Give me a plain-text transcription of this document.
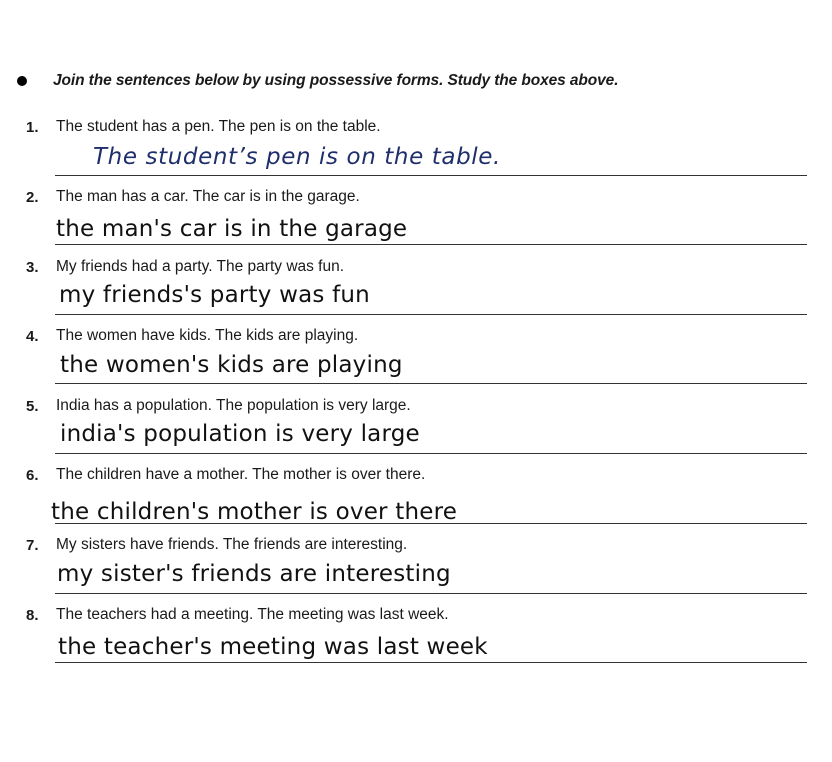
Join the sentences below by using possessive forms. Study the boxes above.
1. The student has a pen. The pen is on the table.
The student’s pen is on the table.
2. The man has a car. The car is in the garage.
the man's car is in the garage
3. My friends had a party. The party was fun.
my friends's party was fun
4. The women have kids. The kids are playing.
the women's kids are playing
5. India has a population. The population is very large.
india's population is very large
6. The children have a mother. The mother is over there.
the children's mother is over there
7. My sisters have friends. The friends are interesting.
my sister's friends are interesting
8. The teachers had a meeting. The meeting was last week.
the teacher's meeting was last week
